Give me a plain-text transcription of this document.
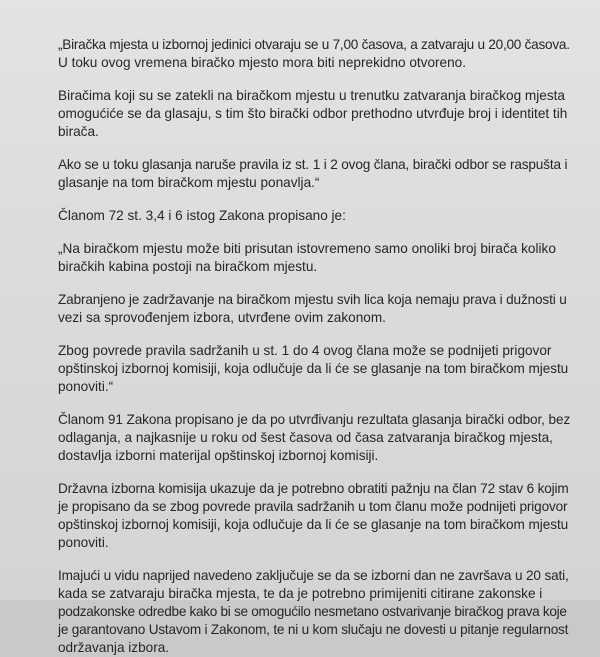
„Biračka mjesta u izbornoj jedinici otvaraju se u 7,00 časova, a zatvaraju u 20,00 časova.
U toku ovog vremena biračko mjesto mora biti neprekidno otvoreno.

Biračima koji su se zatekli na biračkom mjestu u trenutku zatvaranja biračkog mjesta
omogućiće se da glasaju, s tim što birački odbor prethodno utvrđuje broj i identitet tih
birača.

Ako se u toku glasanja naruše pravila iz st. 1 i 2 ovog člana, birački odbor se raspušta i
glasanje na tom biračkom mjestu ponavlja.“

Članom 72 st. 3,4 i 6 istog Zakona propisano je:

„Na biračkom mjestu može biti prisutan istovremeno samo onoliki broj birača koliko
biračkih kabina postoji na biračkom mjestu.

Zabranjeno je zadržavanje na biračkom mjestu svih lica koja nemaju prava i dužnosti u
vezi sa sprovođenjem izbora, utvrđene ovim zakonom.

Zbog povrede pravila sadržanih u st. 1 do 4 ovog člana može se podnijeti prigovor
opštinskoj izbornoj komisiji, koja odlučuje da li će se glasanje na tom biračkom mjestu
ponoviti.“

Članom 91 Zakona propisano je da po utvrđivanju rezultata glasanja birački odbor, bez
odlaganja, a najkasnije u roku od šest časova od časa zatvaranja biračkog mjesta,
dostavlja izborni materijal opštinskoj izbornoj komisiji.

Državna izborna komisija ukazuje da je potrebno obratiti pažnju na član 72 stav 6 kojim
je propisano da se zbog povrede pravila sadržanih u tom članu može podnijeti prigovor
opštinskoj izbornoj komisiji, koja odlučuje da li će se glasanje na tom biračkom mjestu
ponoviti.

Imajući u vidu naprijed navedeno zaključuje se da se izborni dan ne završava u 20 sati,
kada se zatvaraju biračka mjesta, te da je potrebno primijeniti citirane zakonske i
podzakonske odredbe kako bi se omogućilo nesmetano ostvarivanje biračkog prava koje
je garantovano Ustavom i Zakonom, te ni u kom slučaju ne dovesti u pitanje regularnost
održavanja izbora.
